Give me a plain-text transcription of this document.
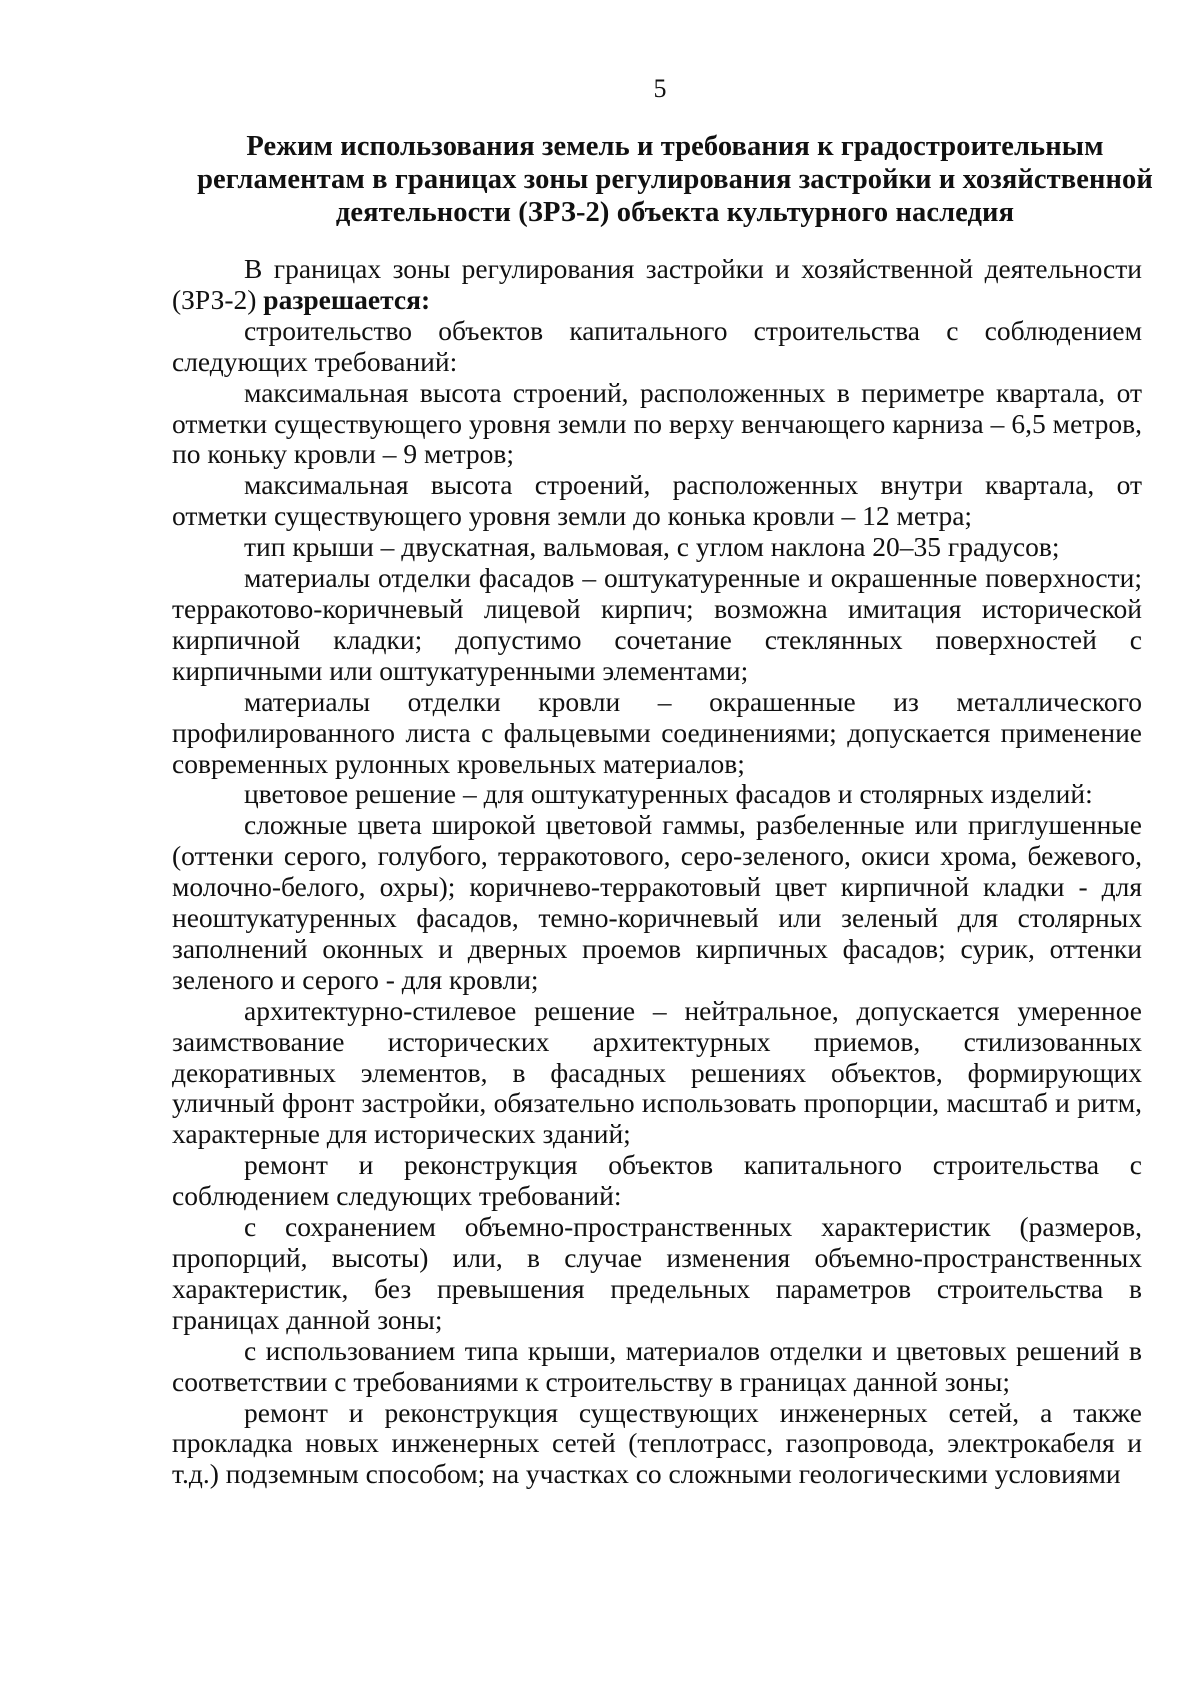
5
Режим использования земель и требования к градостроительным
регламентам в границах зоны регулирования застройки и хозяйственной
деятельности (ЗРЗ-2) объекта культурного наследия

В границах зоны регулирования застройки и хозяйственной деятельности (ЗРЗ-2) разрешается:

строительство объектов капитального строительства с соблюдением следующих требований:

максимальная высота строений, расположенных в периметре квартала, от отметки существующего уровня земли по верху венчающего карниза – 6,5 метров, по коньку кровли – 9 метров;

максимальная высота строений, расположенных внутри квартала, от отметки существующего уровня земли до конька кровли – 12 метра;

тип крыши – двускатная, вальмовая, с углом наклона 20–35 градусов;

материалы отделки фасадов – оштукатуренные и окрашенные поверхности; терракотово-коричневый лицевой кирпич; возможна имитация исторической кирпичной кладки; допустимо сочетание стеклянных поверхностей с кирпичными или оштукатуренными элементами;

материалы отделки кровли – окрашенные из металлического профилированного листа с фальцевыми соединениями; допускается применение современных рулонных кровельных материалов;

цветовое решение – для оштукатуренных фасадов и столярных изделий:

сложные цвета широкой цветовой гаммы, разбеленные или приглушенные (оттенки серого, голубого, терракотового, серо-зеленого, окиси хрома, бежевого, молочно-белого, охры); коричнево-терракотовый цвет кирпичной кладки - для неоштукатуренных фасадов, темно-коричневый или зеленый для столярных заполнений оконных и дверных проемов кирпичных фасадов; сурик, оттенки зеленого и серого - для кровли;

архитектурно-стилевое решение – нейтральное, допускается умеренное заимствование исторических архитектурных приемов, стилизованных декоративных элементов, в фасадных решениях объектов, формирующих уличный фронт застройки, обязательно использовать пропорции, масштаб и ритм, характерные для исторических зданий;

ремонт и реконструкция объектов капитального строительства с соблюдением следующих требований:

с сохранением объемно-пространственных характеристик (размеров, пропорций, высоты) или, в случае изменения объемно-пространственных характеристик, без превышения предельных параметров строительства в границах данной зоны;

с использованием типа крыши, материалов отделки и цветовых решений в соответствии с требованиями к строительству в границах данной зоны;

ремонт и реконструкция существующих инженерных сетей, а также прокладка новых инженерных сетей (теплотрасс, газопровода, электрокабеля и т.д.) подземным способом; на участках со сложными геологическими условиями
